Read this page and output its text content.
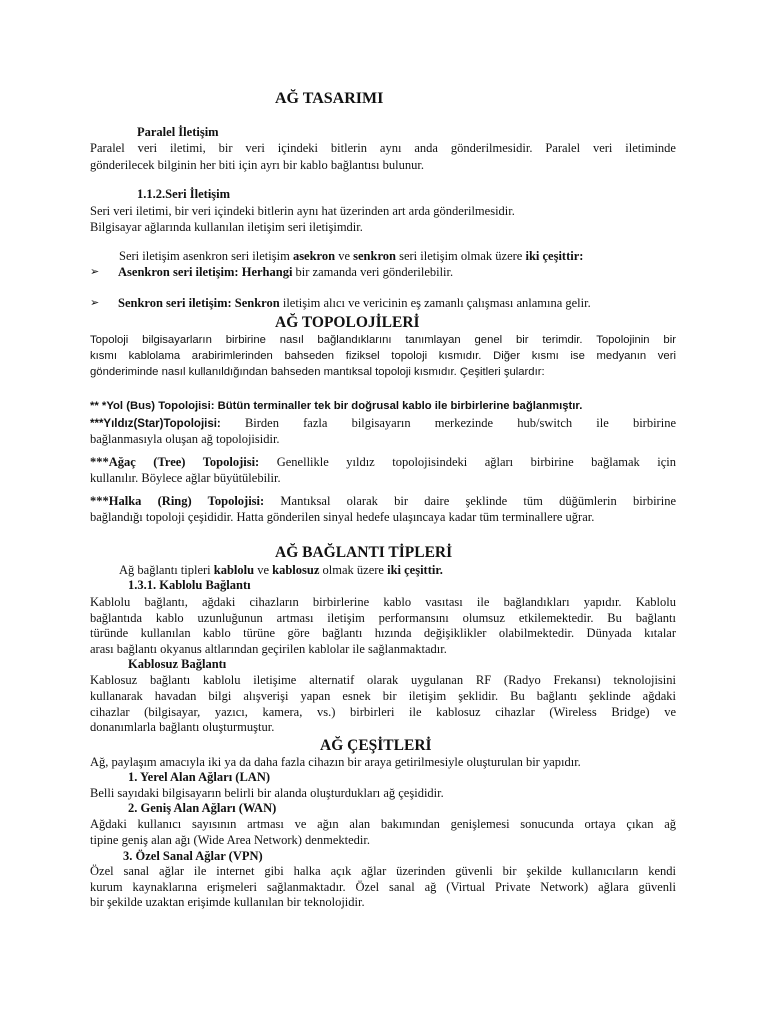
AĞ TASARIMI
Paralel İletişim
Paralel veri iletimi, bir veri içindeki bitlerin aynı anda gönderilmesidir. Paralel veri iletiminde
gönderilecek bilginin her biti için ayrı bir kablo bağlantısı bulunur.
1.1.2.Seri İletişim
Seri veri iletimi, bir veri içindeki bitlerin aynı hat üzerinden art arda gönderilmesidir.
Bilgisayar ağlarında kullanılan iletişim seri iletişimdir.
Seri iletişim asenkron seri iletişim asekron ve senkron seri iletişim olmak üzere iki çeşittir:
➢	Asenkron seri iletişim: Herhangi bir zamanda veri gönderilebilir.
➢	Senkron seri iletişim: Senkron iletişim alıcı ve vericinin eş zamanlı çalışması anlamına gelir.
AĞ TOPOLOJİLERİ
Topoloji bilgisayarların birbirine nasıl bağlandıklarını tanımlayan genel bir terimdir. Topolojinin bir
kısmı kablolama arabirimlerinden bahseden fiziksel topoloji kısmıdır. Diğer kısmı ise medyanın veri
gönderiminde nasıl kullanıldığından bahseden mantıksal topoloji kısmıdır. Çeşitleri şulardır:
** *Yol (Bus) Topolojisi: Bütün terminaller tek bir doğrusal kablo ile birbirlerine bağlanmıştır.
***Yıldız(Star)Topolojisi: Birden fazla bilgisayarın merkezinde hub/switch ile birbirine
bağlanmasıyla oluşan ağ topolojisidir.
***Ağaç (Tree) Topolojisi: Genellikle yıldız topolojisindeki ağları birbirine bağlamak için
kullanılır. Böylece ağlar büyütülebilir.
***Halka (Ring) Topolojisi: Mantıksal olarak bir daire şeklinde tüm düğümlerin birbirine
bağlandığı topoloji çeşididir. Hatta gönderilen sinyal hedefe ulaşıncaya kadar tüm terminallere uğrar.
AĞ BAĞLANTI TİPLERİ
Ağ bağlantı tipleri kablolu ve kablosuz olmak üzere iki çeşittir.
1.3.1. Kablolu Bağlantı
Kablolu bağlantı, ağdaki cihazların birbirlerine kablo vasıtası ile bağlandıkları yapıdır. Kablolu
bağlantıda kablo uzunluğunun artması iletişim performansını olumsuz etkilemektedir. Bu bağlantı
türünde kullanılan kablo türüne göre bağlantı hızında değişiklikler olabilmektedir. Dünyada kıtalar
arası bağlantı okyanus altlarından geçirilen kablolar ile sağlanmaktadır.
Kablosuz Bağlantı
Kablosuz bağlantı kablolu iletişime alternatif olarak uygulanan RF (Radyo Frekansı) teknolojisini
kullanarak havadan bilgi alışverişi yapan esnek bir iletişim şeklidir. Bu bağlantı şeklinde ağdaki
cihazlar (bilgisayar, yazıcı, kamera, vs.) birbirleri ile kablosuz cihazlar (Wireless Bridge) ve
donanımlarla bağlantı oluşturmuştur.
AĞ ÇEŞİTLERİ
Ağ, paylaşım amacıyla iki ya da daha fazla cihazın bir araya getirilmesiyle oluşturulan bir yapıdır.
1. Yerel Alan Ağları (LAN)
Belli sayıdaki bilgisayarın belirli bir alanda oluşturdukları ağ çeşididir.
2. Geniş Alan Ağları (WAN)
Ağdaki kullanıcı sayısının artması ve ağın alan bakımından genişlemesi sonucunda ortaya çıkan ağ
tipine geniş alan ağı (Wide Area Network) denmektedir.
3. Özel Sanal Ağlar (VPN)
Özel sanal ağlar ile internet gibi halka açık ağlar üzerinden güvenli bir şekilde kullanıcıların kendi
kurum kaynaklarına erişmeleri sağlanmaktadır. Özel sanal ağ (Virtual Private Network) ağlara güvenli
bir şekilde uzaktan erişimde kullanılan bir teknolojidir.
